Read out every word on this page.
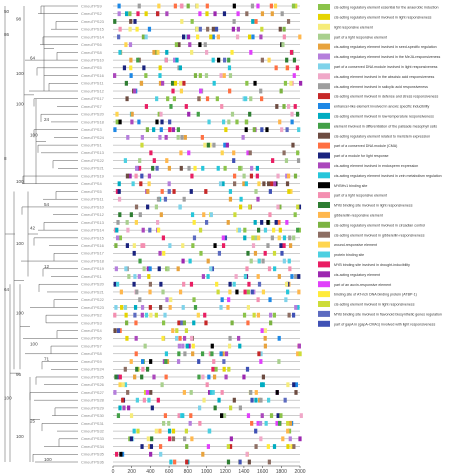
50
98
86
64
100
100
24
100
8
100
54
42
100
12
64
100
100
71
96
100
25
100
100
CmeuTPS9
CmeuTPS2
CmeuTPS23
CmeuTPS15
CmeuTPS14
CmeuTPS6
CmeuTPS8
CmeuTPS10
CmeuTPS5
CmeuTPS16
CmeuTPS11
CmeuTPS12
CmeuTPS17
CmeuTPS7
CmeuTPS20
CmeuTPS18
CmeuTPS3
CmeuTPS24
CmeuTPS1
CmeuTPS13
CmeuTPS22
CmeuTPS21
CmeuTPS19
CmeuTPS4
CmeuTPS5
CmeuTPS11
CmeuTPS10
CmeuTPS12
CmeuTPS13
CmeuTPS14
CmeuTPS15
CmeuTPS16
CmeuTPS17
CmeuTPS18
CmeuTPS19
CmeuTPS1
CmeuTPS20
CmeuTPS21
CmeuTPS22
CmeuTPS23
CmeuTPS2
CmeuTPS3
CmeuTPS4
CmeuTPS6
CmeuTPS7
CmeuTPS8
CmeuTPS9
CmeuTPS24
CmeuTPS25
CmeuTPS26
CmeuTPS27
CmeuTPS28
CmeuTPS29
CmeuTPS30
CmeuTPS31
CmeuTPS32
CmeuTPS33
CmeuTPS34
CmeuTPS35
CmeuTPS36
0	200 400 600 800 1000 1200 1400 1600 1800 2000
cis-acting regulatory element essential for the anaerobic induction
cis-acting regulatory element involved in light responsiveness
light responsive element
part of a light responsive element
cis-acting regulatory element involved in seed-specific regulation
cis-acting regulatory element involved in the MeJA-responsiveness
part of a conserved DNA module involved in light responsiveness
cis-acting element involved in the abscisic acid responsiveness
cis-acting element involved in salicylic acid responsiveness
cis-acting element involved in defense and stress responsiveness
enhancer-like element involved in anoxic specific inducibility
cis-acting element involved in low-temperature responsiveness
element involved in differentiation of the palisade mesophyll cells
cis-acting regulatory element related to meristem expression
part of a conserved DNA module (CMA)
part of a module for light response
cis-acting element involved in endosperm expression
cis-acting regulatory element involved in zein metabolism regulation
MYBHv1 binding site
part of a light responsive element
MYB binding site involved in light responsiveness
gibberellin-responsive element
cis-acting regulatory element involved in circadian control
cis-acting element involved in gibberellin-responsiveness
wound-responsive element
protein binding site
MYB binding site involved in drought-inducibility
cis-acting regulatory element
part of an auxin-responsive element
binding site of AT-rich DNA binding protein (ATBP-1)
cis-acting element involved in light responsiveness
MYB binding site involved in flavonoid biosynthetic genes regulation
part of gapA in (gapA-CMA1) involved with light responsiveness
